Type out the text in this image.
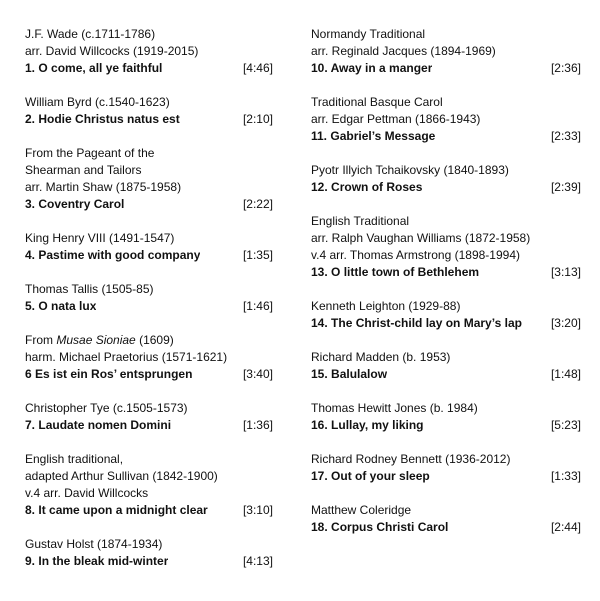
J.F. Wade (c.1711-1786)
arr. David Willcocks (1919-2015)
1. O come, all ye faithful	[4:46]
William Byrd (c.1540-1623)
2. Hodie Christus natus est	[2:10]
From the Pageant of the
Shearman and Tailors
arr. Martin Shaw (1875-1958)
3. Coventry Carol	[2:22]
King Henry VIII (1491-1547)
4. Pastime with good company	[1:35]
Thomas Tallis (1505-85)
5. O nata lux	[1:46]
From Musae Sioniae (1609)
harm. Michael Praetorius (1571-1621)
6 Es ist ein Ros’ entsprungen	[3:40]
Christopher Tye (c.1505-1573)
7. Laudate nomen Domini	[1:36]
English traditional,
adapted Arthur Sullivan (1842-1900)
v.4 arr. David Willcocks
8. It came upon a midnight clear	[3:10]
Gustav Holst (1874-1934)
9. In the bleak mid-winter	[4:13]
Normandy Traditional
arr. Reginald Jacques (1894-1969)
10. Away in a manger	[2:36]
Traditional Basque Carol
arr. Edgar Pettman (1866-1943)
11. Gabriel’s Message	[2:33]
Pyotr Illyich Tchaikovsky (1840-1893)
12. Crown of Roses	[2:39]
English Traditional
arr. Ralph Vaughan Williams (1872-1958)
v.4 arr. Thomas Armstrong (1898-1994)
13. O little town of Bethlehem	[3:13]
Kenneth Leighton (1929-88)
14. The Christ-child lay on Mary’s lap [3:20]
Richard Madden (b. 1953)
15. Balulalow	[1:48]
Thomas Hewitt Jones (b. 1984)
16. Lullay, my liking	[5:23]
Richard Rodney Bennett (1936-2012)
17. Out of your sleep	[1:33]
Matthew Coleridge
18. Corpus Christi Carol	[2:44]
